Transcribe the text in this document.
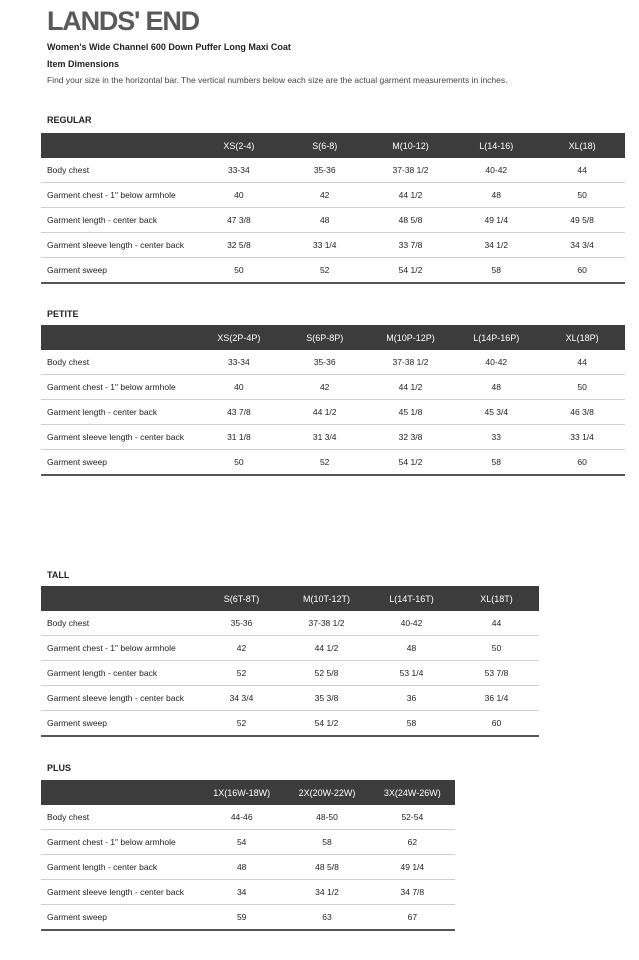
LANDS' END
Women's Wide Channel 600 Down Puffer Long Maxi Coat
Item Dimensions
Find your size in the horizontal bar. The vertical numbers below each size are the actual garment measurements in inches.
REGULAR
	XS(2-4)	S(6-8)	M(10-12)	L(14-16)	XL(18)
Body chest	33-34	35-36	37-38 1/2	40-42	44
Garment chest - 1" below armhole	40	42	44 1/2	48	50
Garment length - center back	47 3/8	48	48 5/8	49 1/4	49 5/8
Garment sleeve length - center back	32 5/8	33 1/4	33 7/8	34 1/2	34 3/4
Garment sweep	50	52	54 1/2	58	60
PETITE
	XS(2P-4P)	S(6P-8P)	M(10P-12P)	L(14P-16P)	XL(18P)
Body chest	33-34	35-36	37-38 1/2	40-42	44
Garment chest - 1" below armhole	40	42	44 1/2	48	50
Garment length - center back	43 7/8	44 1/2	45 1/8	45 3/4	46 3/8
Garment sleeve length - center back	31 1/8	31 3/4	32 3/8	33	33 1/4
Garment sweep	50	52	54 1/2	58	60
TALL
	S(6T-8T)	M(10T-12T)	L(14T-16T)	XL(18T)
Body chest	35-36	37-38 1/2	40-42	44
Garment chest - 1" below armhole	42	44 1/2	48	50
Garment length - center back	52	52 5/8	53 1/4	53 7/8
Garment sleeve length - center back	34 3/4	35 3/8	36	36 1/4
Garment sweep	52	54 1/2	58	60
PLUS
	1X(16W-18W)	2X(20W-22W)	3X(24W-26W)
Body chest	44-46	48-50	52-54
Garment chest - 1" below armhole	54	58	62
Garment length - center back	48	48 5/8	49 1/4
Garment sleeve length - center back	34	34 1/2	34 7/8
Garment sweep	59	63	67
